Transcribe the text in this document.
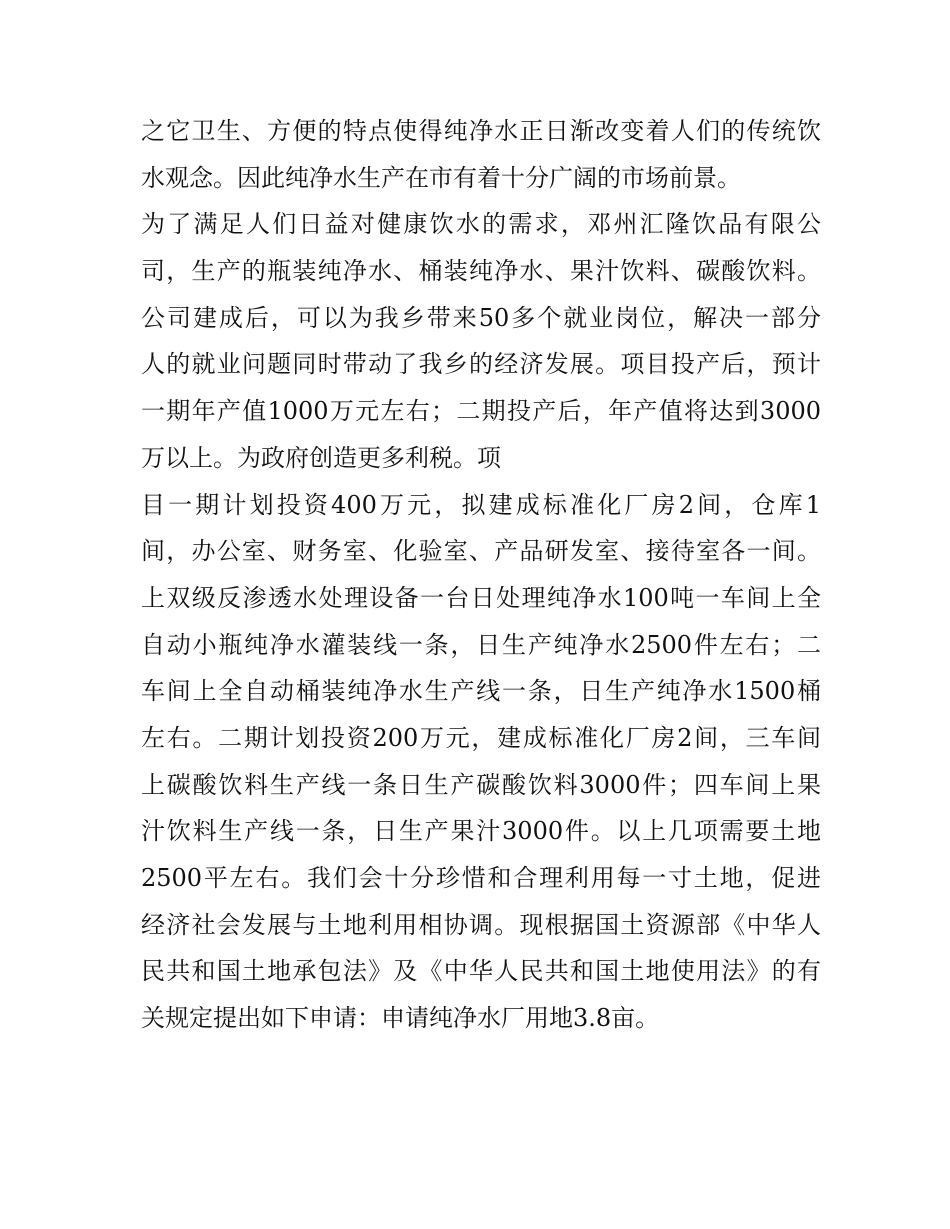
之它卫生、方便的特点使得纯净水正日渐改变着人们的传统饮
水观念。因此纯净水生产在市有着十分广阔的市场前景。
为了满足人们日益对健康饮水的需求，邓州汇隆饮品有限公
司，生产的瓶装纯净水、桶装纯净水、果汁饮料、碳酸饮料。
公司建成后，可以为我乡带来50多个就业岗位，解决一部分
人的就业问题同时带动了我乡的经济发展。项目投产后，预计
一期年产值1000万元左右；二期投产后，年产值将达到3000
万以上。为政府创造更多利税。项
目一期计划投资400万元，拟建成标准化厂房2间，仓库1
间，办公室、财务室、化验室、产品研发室、接待室各一间。
上双级反渗透水处理设备一台日处理纯净水100吨一车间上全
自动小瓶纯净水灌装线一条，日生产纯净水2500件左右；二
车间上全自动桶装纯净水生产线一条，日生产纯净水1500桶
左右。二期计划投资200万元，建成标准化厂房2间，三车间
上碳酸饮料生产线一条日生产碳酸饮料3000件；四车间上果
汁饮料生产线一条，日生产果汁3000件。以上几项需要土地
2500平左右。我们会十分珍惜和合理利用每一寸土地，促进
经济社会发展与土地利用相协调。现根据国土资源部《中华人
民共和国土地承包法》及《中华人民共和国土地使用法》的有
关规定提出如下申请：申请纯净水厂用地3.8亩。
